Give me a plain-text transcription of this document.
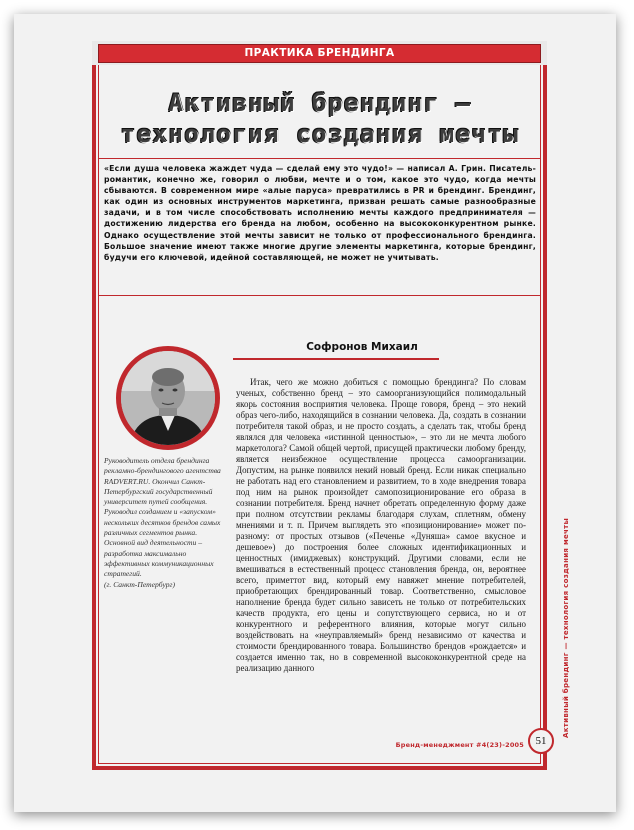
ПРАКТИКА БРЕНДИНГА
Активный брендинг — технология создания мечты

«Если душа человека жаждет чуда — сделай ему это чудо!» — написал А. Грин. Писатель-романтик, конечно же, говорил о любви, мечте и о том, какое это чудо, когда мечты сбываются. В современном мире «алые паруса» превратились в PR и брендинг. Брендинг, как один из основных инструментов маркетинга, призван решать самые разнообразные задачи, и в том числе способствовать исполнению мечты каждого предпринимателя — достижению лидерства его бренда на любом, особенно на высококонкурентном рынке. Однако осуществление этой мечты зависит не только от профессионального брендинга. Большое значение имеют также многие другие элементы маркетинга, которые брендинг, будучи его ключевой, идейной составляющей, не может не учитывать.

Софронов Михаил

Руководитель отдела брендинга рекламно-брендингового агентства RADVERT.RU. Окончил Санкт-Петербургский государственный университет путей сообщения. Руководил созданием и «запуском» нескольких десятков брендов самых различных сегментов рынка. Основной вид деятельности – разработка максимально эффективных коммуникационных стратегий.
(г. Санкт-Петербург)

Итак, чего же можно добиться с помощью брендинга? По словам ученых, собственно бренд – это самоорганизующийся полимодальный якорь состояния восприятия человека. Проще говоря, бренд – это некий образ чего-либо, находящийся в сознании человека. Да, создать в сознании потребителя такой образ, и не просто создать, а сделать так, чтобы бренд являлся для человека «истинной ценностью», – это ли не мечта любого маркетолога? Самой общей чертой, присущей практически любому бренду, является неизбежное осуществление процесса самоорганизации. Допустим, на рынке появился некий новый бренд. Если никак специально не работать над его становлением и развитием, то в ходе внедрения товара под ним на рынок произойдет самопозиционирование его образа в сознании потребителя. Бренд начнет обретать определенную форму даже при полном отсутствии рекламы благодаря слухам, сплетням, обмену мнениями и т. п. Причем выглядеть это «позиционирование» может по-разному: от простых отзывов («Печенье «Дуняша» самое вкусное и дешевое») до построения более сложных идентификационных и ценностных (имиджевых) конструкций. Другими словами, если не вмешиваться в естественный процесс становления бренда, он, вероятнее всего, приметтот вид, который ему навяжет мнение потребителей, приобретающих брендированный товар. Соответственно, смысловое наполнение бренда будет сильно зависеть не только от потребительских качеств продукта, его цены и сопутствующего сервиса, но и от конкурентного и референтного влияния, которые могут сильно воздействовать на «неуправляемый» бренд независимо от качества и стоимости брендированного товара. Большинство брендов «рождается» и создается именно так, но в современной высококонкурентной среде на реализацию данного	Активный брендинг — технология создания мечты
Бренд-менеджмент #4(23)-2005	51
